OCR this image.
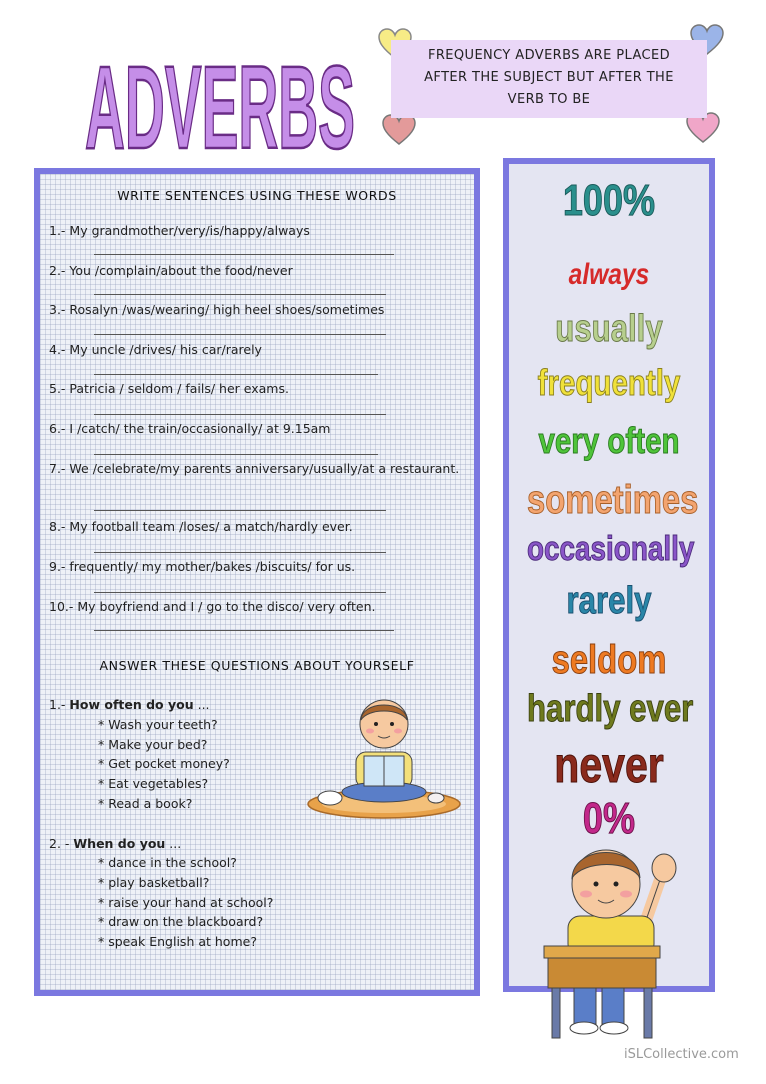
ADVERBS	FREQUENCY ADVERBS ARE PLACED
AFTER THE SUBJECT BUT AFTER THE
VERB TO BE
WRITE SENTENCES USING THESE WORDS
1.- My grandmother/very/is/happy/always
2.- You /complain/about the food/never
3.- Rosalyn /was/wearing/ high heel shoes/sometimes
4.- My uncle /drives/ his car/rarely
5.- Patricia / seldom / fails/ her exams.
6.- I /catch/ the train/occasionally/ at 9.15am
7.- We /celebrate/my parents anniversary/usually/at a restaurant.
8.- My football team /loses/ a match/hardly ever.
9.- frequently/ my mother/bakes /biscuits/ for us.
10.- My boyfriend and I / go to the disco/ very often.
ANSWER THESE QUESTIONS ABOUT YOURSELF
1.- How often do you ...
* Wash your teeth?
* Make your bed?
* Get pocket money?
* Eat vegetables?
* Read a book?
2. - When do you ...
* dance in the school?
* play basketball?
* raise your hand at school?
* draw on the blackboard?
* speak English at home?
100%
always
usually
frequently
very often
sometimes
occasionally
rarely
seldom
hardly ever
never
0%
iSLCollective.com
